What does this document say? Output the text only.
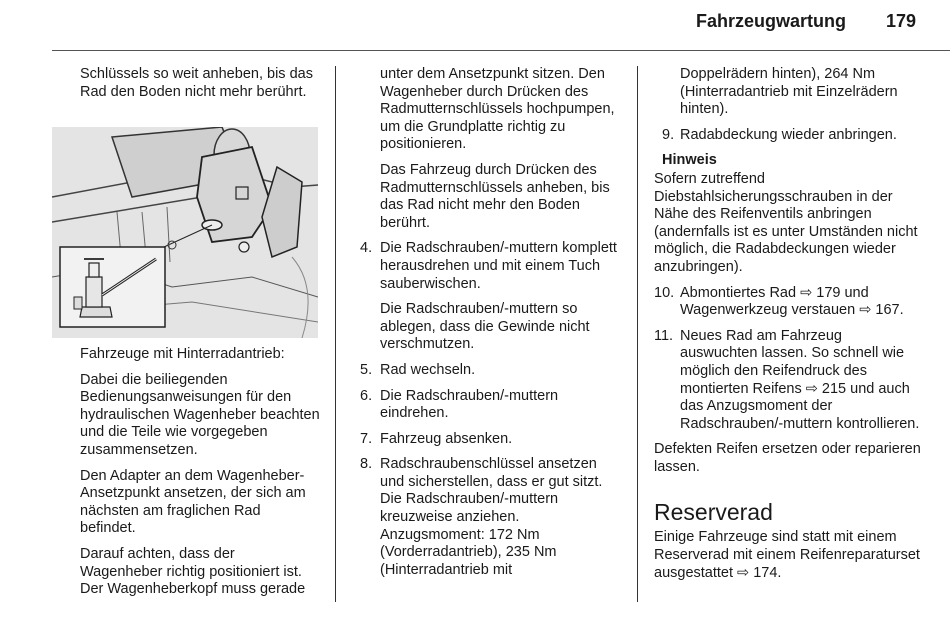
Fahrzeugwartung 179

Schlüssels so weit anheben, bis das Rad den Boden nicht mehr berührt.

Fahrzeuge mit Hinterradantrieb:

Dabei die beiliegenden Bedienungsanweisungen für den hydraulischen Wagenheber beachten und die Teile wie vorgegeben zusammensetzen.

Den Adapter an dem Wagenheber-Ansetzpunkt ansetzen, der sich am nächsten am fraglichen Rad befindet.

Darauf achten, dass der Wagenheber richtig positioniert ist. Der Wagenheberkopf muss gerade

unter dem Ansetzpunkt sitzen. Den Wagenheber durch Drücken des Radmutternschlüssels hochpumpen, um die Grundplatte richtig zu positionieren.

Das Fahrzeug durch Drücken des Radmutternschlüssels anheben, bis das Rad nicht mehr den Boden berührt.

4. Die Radschrauben/-muttern komplett herausdrehen und mit einem Tuch sauberwischen.

Die Radschrauben/-muttern so ablegen, dass die Gewinde nicht verschmutzen.

5. Rad wechseln.

6. Die Radschrauben/-muttern eindrehen.

7. Fahrzeug absenken.

8. Radschraubenschlüssel ansetzen und sicherstellen, dass er gut sitzt. Die Radschrauben/-muttern kreuzweise anziehen. Anzugsmoment: 172 Nm (Vorderradantrieb), 235 Nm (Hinterradantrieb mit

Doppelrädern hinten), 264 Nm (Hinterradantrieb mit Einzelrädern hinten).

9. Radabdeckung wieder anbringen.

Hinweis

Sofern zutreffend Diebstahlsicherungsschrauben in der Nähe des Reifenventils anbringen (andernfalls ist es unter Umständen nicht möglich, die Radabdeckungen wieder anzubringen).

10. Abmontiertes Rad ⇨ 179 und Wagenwerkzeug verstauen ⇨ 167.

11. Neues Rad am Fahrzeug auswuchten lassen. So schnell wie möglich den Reifendruck des montierten Reifens ⇨ 215 und auch das Anzugsmoment der Radschrauben/-muttern kontrollieren.

Defekten Reifen ersetzen oder reparieren lassen.

Reserverad

Einige Fahrzeuge sind statt mit einem Reserverad mit einem Reifenreparaturset ausgestattet ⇨ 174.
